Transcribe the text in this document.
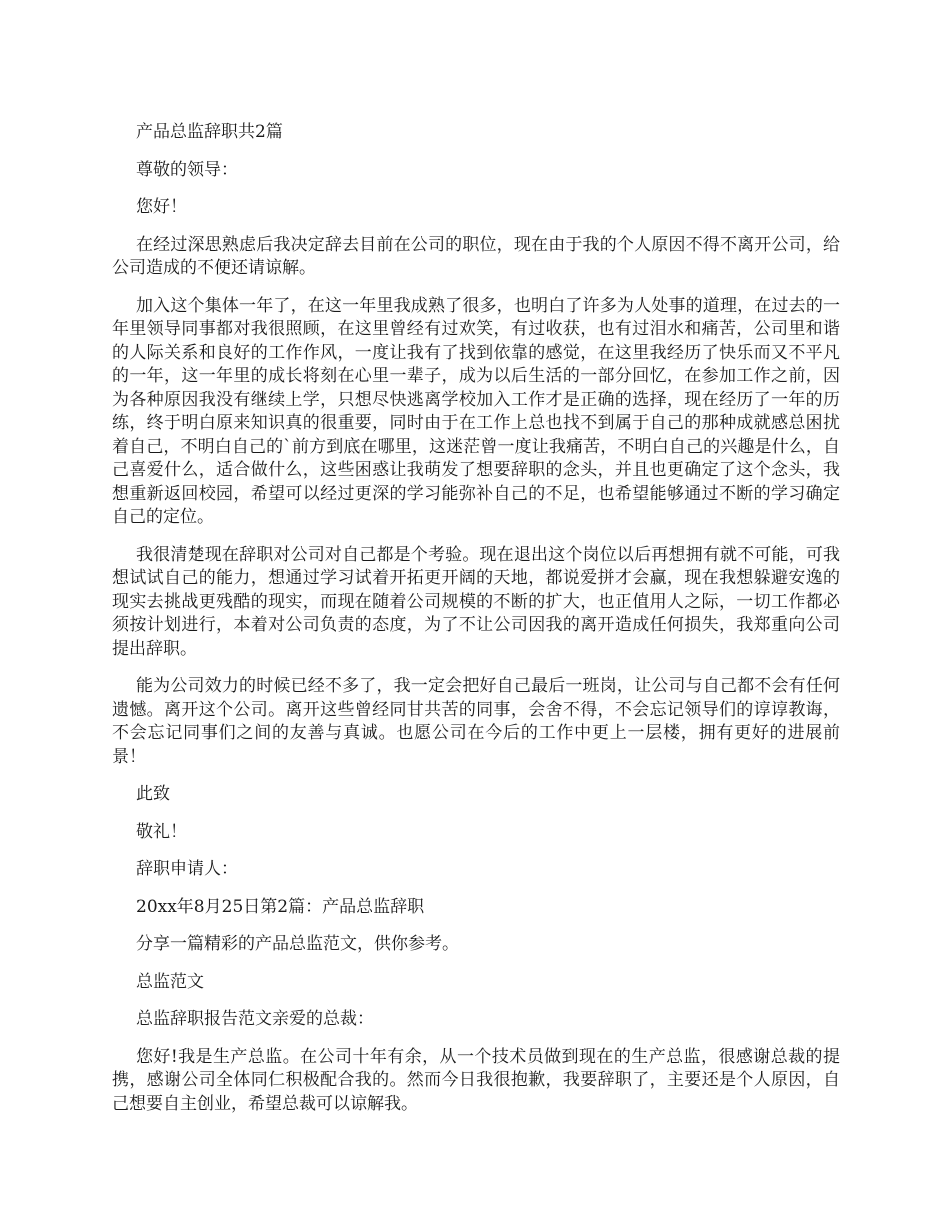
产品总监辞职共2篇

尊敬的领导：

您好！

在经过深思熟虑后我决定辞去目前在公司的职位，现在由于我的个人原因不得不离开公司，给公司造成的不便还请谅解。

加入这个集体一年了，在这一年里我成熟了很多，也明白了许多为人处事的道理，在过去的一年里领导同事都对我很照顾，在这里曾经有过欢笑，有过收获，也有过泪水和痛苦，公司里和谐的人际关系和良好的工作作风，一度让我有了找到依靠的感觉，在这里我经历了快乐而又不平凡的一年，这一年里的成长将刻在心里一辈子，成为以后生活的一部分回忆，在参加工作之前，因为各种原因我没有继续上学，只想尽快逃离学校加入工作才是正确的选择，现在经历了一年的历练，终于明白原来知识真的很重要，同时由于在工作上总也找不到属于自己的那种成就感总困扰着自己，不明白自己的`前方到底在哪里，这迷茫曾一度让我痛苦，不明白自己的兴趣是什么，自己喜爱什么，适合做什么，这些困惑让我萌发了想要辞职的念头，并且也更确定了这个念头，我想重新返回校园，希望可以经过更深的学习能弥补自己的不足，也希望能够通过不断的学习确定自己的定位。

我很清楚现在辞职对公司对自己都是个考验。现在退出这个岗位以后再想拥有就不可能，可我想试试自己的能力，想通过学习试着开拓更开阔的天地，都说爱拼才会赢，现在我想躲避安逸的现实去挑战更残酷的现实，而现在随着公司规模的不断的扩大，也正值用人之际，一切工作都必须按计划进行，本着对公司负责的态度，为了不让公司因我的离开造成任何损失，我郑重向公司提出辞职。

能为公司效力的时候已经不多了，我一定会把好自己最后一班岗，让公司与自己都不会有任何遗憾。离开这个公司。离开这些曾经同甘共苦的同事，会舍不得，不会忘记领导们的谆谆教诲，不会忘记同事们之间的友善与真诚。也愿公司在今后的工作中更上一层楼，拥有更好的进展前景！

此致

敬礼！

辞职申请人：

20xx年8月25日第2篇：产品总监辞职

分享一篇精彩的产品总监范文，供你参考。

总监范文

总监辞职报告范文亲爱的总裁：

您好!我是生产总监。在公司十年有余，从一个技术员做到现在的生产总监，很感谢总裁的提携，感谢公司全体同仁积极配合我的。然而今日我很抱歉，我要辞职了，主要还是个人原因，自己想要自主创业，希望总裁可以谅解我。
